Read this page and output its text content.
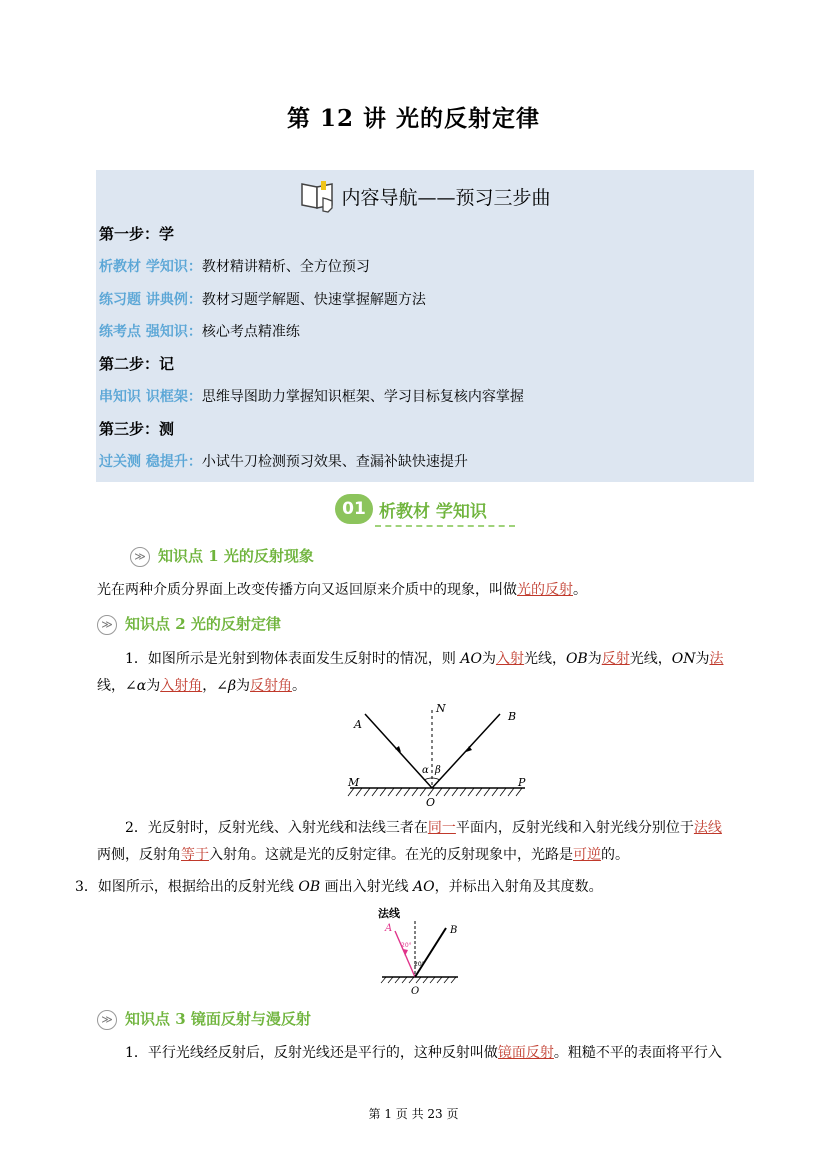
第 12 讲 光的反射定律
内容导航——预习三步曲
第一步：学
析教材 学知识：教材精讲精析、全方位预习
练习题 讲典例：教材习题学解题、快速掌握解题方法
练考点 强知识：核心考点精准练
第二步：记
串知识 识框架：思维导图助力掌握知识框架、学习目标复核内容掌握
第三步：测
过关测 稳提升：小试牛刀检测预习效果、查漏补缺快速提升
01 析教材 学知识
≫ 知识点 1 光的反射现象
光在两种介质分界面上改变传播方向又返回原来介质中的现象，叫做光的反射。
≫ 知识点 2 光的反射定律
1．如图所示是光射到物体表面发生反射时的情况，则 AO为入射光线，OB为反射光线，ON为法
线，∠α为入射角，∠β为反射角。
A
N
B
M	P
O
α β
2．光反射时，反射光线、入射光线和法线三者在同一平面内，反射光线和入射光线分别位于法线
两侧，反射角等于入射角。这就是光的反射定律。在光的反射现象中，光路是可逆的。
3．如图所示，根据给出的反射光线 OB 画出入射光线 AO，并标出入射角及其度数。
法线
A	B
O
20°
20°
≫ 知识点 3 镜面反射与漫反射
1．平行光线经反射后，反射光线还是平行的，这种反射叫做镜面反射。粗糙不平的表面将平行入
第 1 页 共 23 页
